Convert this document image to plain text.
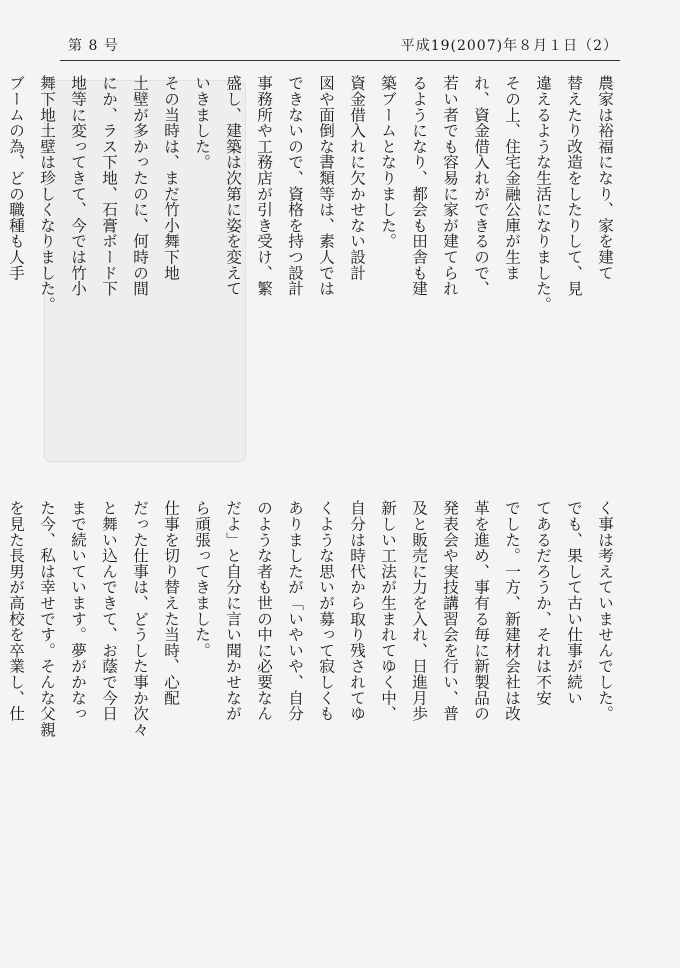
第 8 号	平成19(2007)年８月１日（2）
農家は裕福になり、家を建て
替えたり改造をしたりして、見
違えるような生活になりました。
その上、住宅金融公庫が生ま
れ、資金借入れができるので、
若い者でも容易に家が建てられ
るようになり、都会も田舎も建
築ブームとなりました。
資金借入れに欠かせない設計
図や面倒な書類等は、素人では
できないので、資格を持つ設計
事務所や工務店が引き受け、繁
盛し、建築は次第に姿を変えて
いきました。
その当時は、まだ竹小舞下地
土壁が多かったのに、何時の間
にか、ラス下地、石膏ボード下
地等に変ってきて、今では竹小
舞下地土壁は珍しくなりました。
ブームの為、どの職種も人手
く事は考えていませんでした。
でも、果して古い仕事が続い
てあるだろうか、それは不安
でした。一方、新建材会社は改
革を進め、事有る毎に新製品の
発表会や実技講習会を行い、普
及と販売に力を入れ、日進月歩
新しい工法が生まれてゆく中、
自分は時代から取り残されてゆ
くような思いが募って寂しくも
ありましたが「いやいや、自分
のような者も世の中に必要なん
だよ」と自分に言い聞かせなが
ら頑張ってきました。
仕事を切り替えた当時、心配
だった仕事は、どうした事か次々
と舞い込んできて、お蔭で今日
まで続いています。夢がかなっ
た今、私は幸せです。そんな父親
を見た長男が高校を卒業し、仕
